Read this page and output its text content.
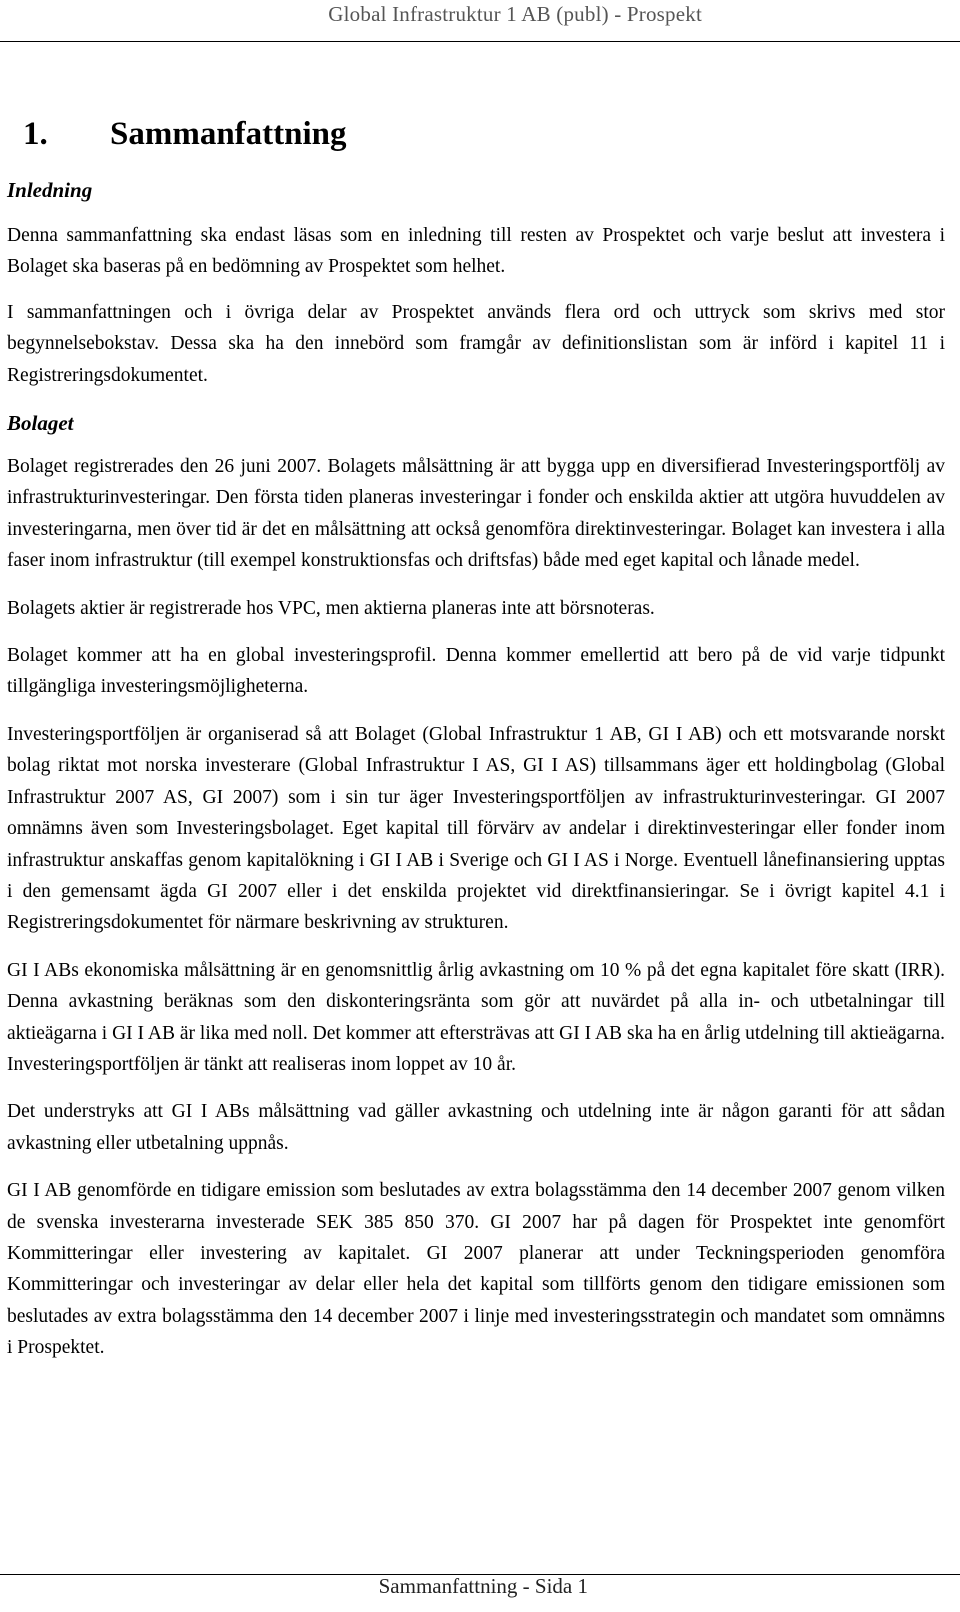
Global Infrastruktur 1 AB (publ) - Prospekt
1. Sammanfattning
Inledning

Denna sammanfattning ska endast läsas som en inledning till resten av Prospektet och varje beslut att investera i Bolaget ska baseras på en bedömning av Prospektet som helhet.

I sammanfattningen och i övriga delar av Prospektet används flera ord och uttryck som skrivs med stor begynnelsebokstav. Dessa ska ha den innebörd som framgår av definitionslistan som är införd i kapitel 11 i Registreringsdokumentet.

Bolaget

Bolaget registrerades den 26 juni 2007. Bolagets målsättning är att bygga upp en diversifierad Investeringsportfölj av infrastrukturinvesteringar. Den första tiden planeras investeringar i fonder och enskilda aktier att utgöra huvuddelen av investeringarna, men över tid är det en målsättning att också genomföra direktinvesteringar. Bolaget kan investera i alla faser inom infrastruktur (till exempel konstruktionsfas och driftsfas) både med eget kapital och lånade medel.

Bolagets aktier är registrerade hos VPC, men aktierna planeras inte att börsnoteras.

Bolaget kommer att ha en global investeringsprofil. Denna kommer emellertid att bero på de vid varje tidpunkt tillgängliga investeringsmöjligheterna.

Investeringsportföljen är organiserad så att Bolaget (Global Infrastruktur 1 AB, GI I AB) och ett motsvarande norskt bolag riktat mot norska investerare (Global Infrastruktur I AS, GI I AS) tillsammans äger ett holdingbolag (Global Infrastruktur 2007 AS, GI 2007) som i sin tur äger Investeringsportföljen av infrastrukturinvesteringar. GI 2007 omnämns även som Investeringsbolaget. Eget kapital till förvärv av andelar i direktinvesteringar eller fonder inom infrastruktur anskaffas genom kapitalökning i GI I AB i Sverige och GI I AS i Norge. Eventuell lånefinansiering upptas i den gemensamt ägda GI 2007 eller i det enskilda projektet vid direktfinansieringar. Se i övrigt kapitel 4.1 i Registreringsdokumentet för närmare beskrivning av strukturen.

GI I ABs ekonomiska målsättning är en genomsnittlig årlig avkastning om 10 % på det egna kapitalet före skatt (IRR). Denna avkastning beräknas som den diskonteringsränta som gör att nuvärdet på alla in- och utbetalningar till aktieägarna i GI I AB är lika med noll. Det kommer att eftersträvas att GI I AB ska ha en årlig utdelning till aktieägarna. Investeringsportföljen är tänkt att realiseras inom loppet av 10 år.

Det understryks att GI I ABs målsättning vad gäller avkastning och utdelning inte är någon garanti för att sådan avkastning eller utbetalning uppnås.

GI I AB genomförde en tidigare emission som beslutades av extra bolagsstämma den 14 december 2007 genom vilken de svenska investerarna investerade SEK 385 850 370. GI 2007 har på dagen för Prospektet inte genomfört Kommitteringar eller investering av kapitalet. GI 2007 planerar att under Teckningsperioden genomföra Kommitteringar och investeringar av delar eller hela det kapital som tillförts genom den tidigare emissionen som beslutades av extra bolagsstämma den 14 december 2007 i linje med investeringsstrategin och mandatet som omnämns i Prospektet.

Sammanfattning - Sida 1
